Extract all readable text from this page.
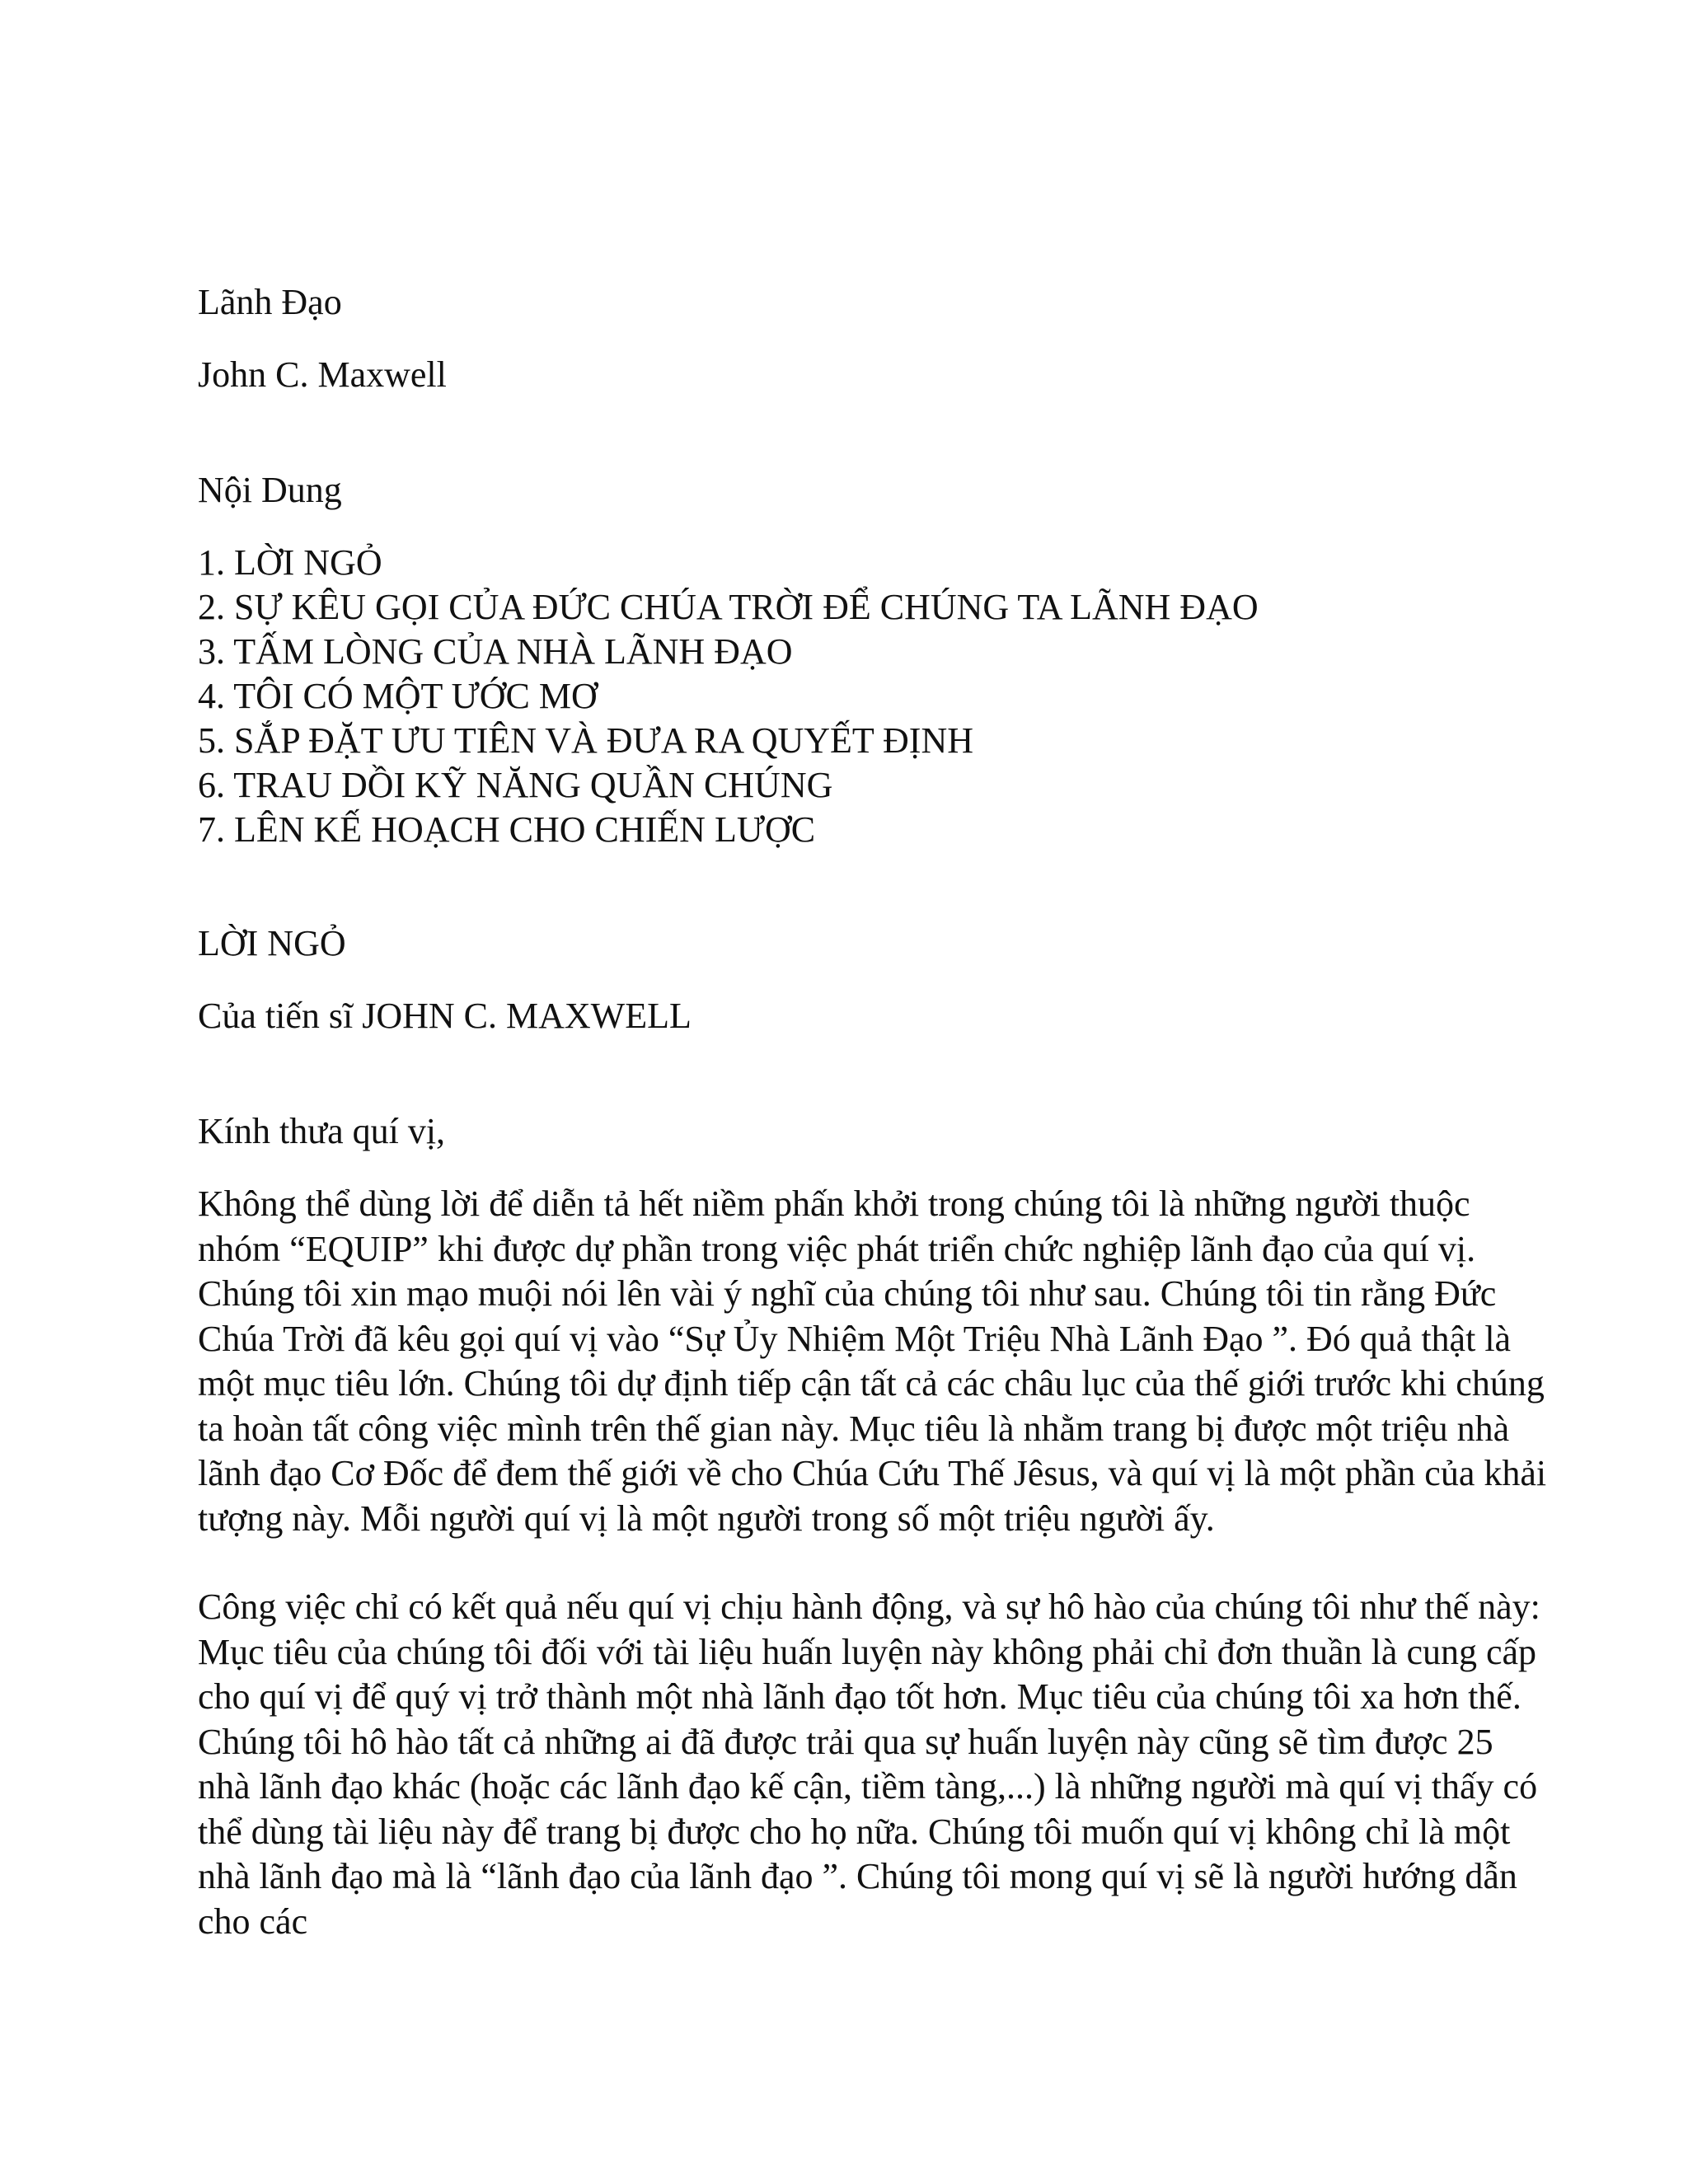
Lãnh Đạo
John C. Maxwell
Nội Dung
1. LỜI NGỎ
2. SỰ KÊU GỌI CỦA ĐỨC CHÚA TRỜI ĐỂ CHÚNG TA LÃNH ĐẠO
3. TẤM LÒNG CỦA NHÀ LÃNH ĐẠO
4. TÔI CÓ MỘT ƯỚC MƠ
5. SẮP ĐẶT ƯU TIÊN VÀ ĐƯA RA QUYẾT ĐỊNH
6. TRAU DỒI KỸ NĂNG QUẦN CHÚNG
7. LÊN KẾ HOẠCH CHO CHIẾN LƯỢC
LỜI NGỎ
Của tiến sĩ JOHN C. MAXWELL
Kính thưa quí vị,

Không thể dùng lời để diễn tả hết niềm phấn khởi trong chúng tôi là những người thuộc nhóm “EQUIP” khi được dự phần trong việc phát triển chức nghiệp lãnh đạo của quí vị. Chúng tôi xin mạo muội nói lên vài ý nghĩ của chúng tôi như sau. Chúng tôi tin rằng Đức Chúa Trời đã kêu gọi quí vị vào “Sự Ủy Nhiệm Một Triệu Nhà Lãnh Đạo ”. Đó quả thật là một mục tiêu lớn. Chúng tôi dự định tiếp cận tất cả các châu lục của thế giới trước khi chúng ta hoàn tất công việc mình trên thế gian này. Mục tiêu là nhằm trang bị được một triệu nhà lãnh đạo Cơ Đốc để đem thế giới về cho Chúa Cứu Thế Jêsus, và quí vị là một phần của khải tượng này. Mỗi người quí vị là một người trong số một triệu người ấy.

Công việc chỉ có kết quả nếu quí vị chịu hành động, và sự hô hào của chúng tôi như thế này: Mục tiêu của chúng tôi đối với tài liệu huấn luyện này không phải chỉ đơn thuần là cung cấp cho quí vị để quý vị trở thành một nhà lãnh đạo tốt hơn. Mục tiêu của chúng tôi xa hơn thế. Chúng tôi hô hào tất cả những ai đã được trải qua sự huấn luyện này cũng sẽ tìm được 25 nhà lãnh đạo khác (hoặc các lãnh đạo kế cận, tiềm tàng,...) là những người mà quí vị thấy có thể dùng tài liệu này để trang bị được cho họ nữa. Chúng tôi muốn quí vị không chỉ là một nhà lãnh đạo mà là “lãnh đạo của lãnh đạo ”. Chúng tôi mong quí vị sẽ là người hướng dẫn cho các
